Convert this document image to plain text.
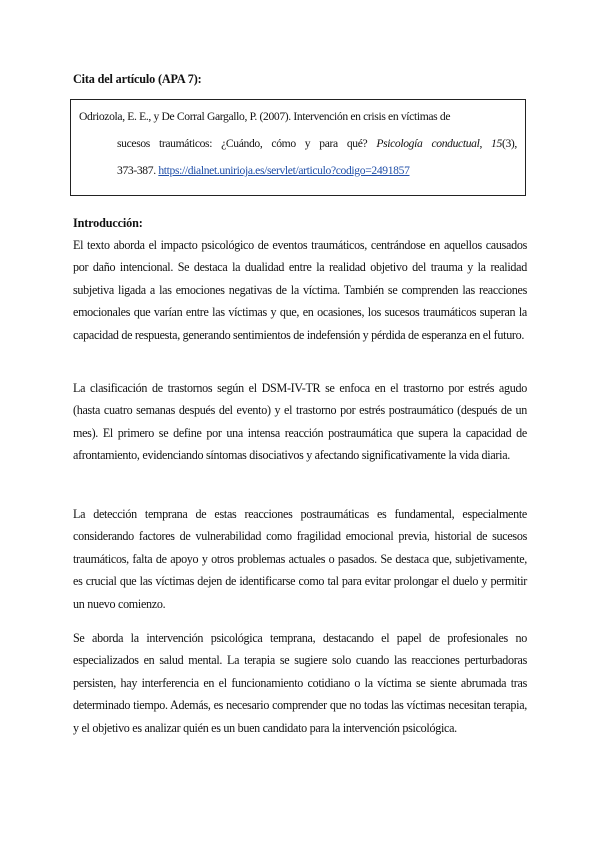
Cita del artículo (APA 7):
Odriozola, E. E., y De Corral Gargallo, P. (2007). Intervención en crisis en víctimas de
sucesos traumáticos: ¿Cuándo, cómo y para qué? Psicología conductual, 15(3),
373-387. https://dialnet.unirioja.es/servlet/articulo?codigo=2491857
Introducción:

El texto aborda el impacto psicológico de eventos traumáticos, centrándose en aquellos causados por daño intencional. Se destaca la dualidad entre la realidad objetivo del trauma y la realidad subjetiva ligada a las emociones negativas de la víctima. También se comprenden las reacciones emocionales que varían entre las víctimas y que, en ocasiones, los sucesos traumáticos superan la capacidad de respuesta, generando sentimientos de indefensión y pérdida de esperanza en el futuro.

La clasificación de trastornos según el DSM-IV-TR se enfoca en el trastorno por estrés agudo (hasta cuatro semanas después del evento) y el trastorno por estrés postraumático (después de un mes). El primero se define por una intensa reacción postraumática que supera la capacidad de afrontamiento, evidenciando síntomas disociativos y afectando significativamente la vida diaria.

La detección temprana de estas reacciones postraumáticas es fundamental, especialmente considerando factores de vulnerabilidad como fragilidad emocional previa, historial de sucesos traumáticos, falta de apoyo y otros problemas actuales o pasados. Se destaca que, subjetivamente, es crucial que las víctimas dejen de identificarse como tal para evitar prolongar el duelo y permitir un nuevo comienzo.

Se aborda la intervención psicológica temprana, destacando el papel de profesionales no especializados en salud mental. La terapia se sugiere solo cuando las reacciones perturbadoras persisten, hay interferencia en el funcionamiento cotidiano o la víctima se siente abrumada tras determinado tiempo. Además, es necesario comprender que no todas las víctimas necesitan terapia, y el objetivo es analizar quién es un buen candidato para la intervención psicológica.
